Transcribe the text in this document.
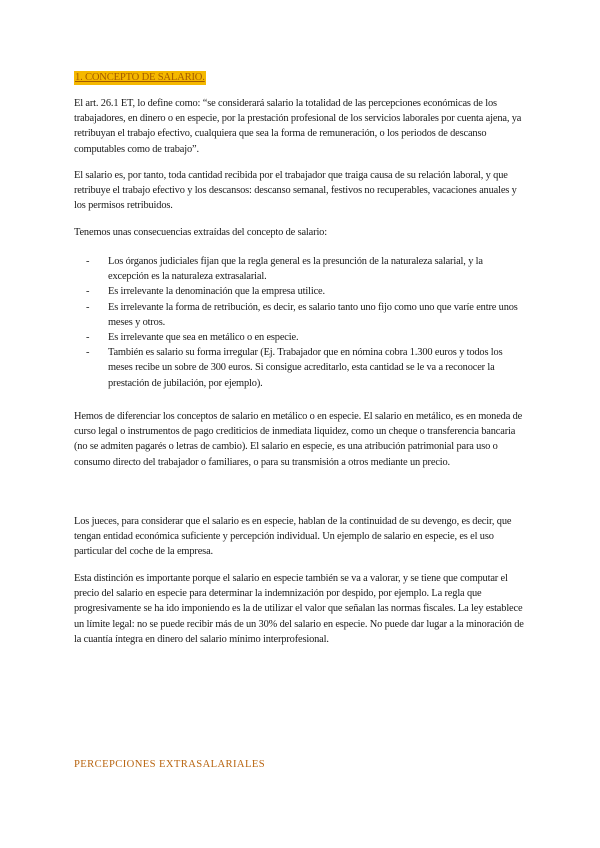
1. CONCEPTO DE SALARIO.

El art. 26.1 ET, lo define como: “se considerará salario la totalidad de las percepciones económicas de los trabajadores, en dinero o en especie, por la prestación profesional de los servicios laborales por cuenta ajena, ya retribuyan el trabajo efectivo, cualquiera que sea la forma de remuneración, o los periodos de descanso computables como de trabajo”.

El salario es, por tanto, toda cantidad recibida por el trabajador que traiga causa de su relación laboral, y que retribuye el trabajo efectivo y los descansos: descanso semanal, festivos no recuperables, vacaciones anuales y los permisos retribuidos.

Tenemos unas consecuencias extraídas del concepto de salario:

- Los órganos judiciales fijan que la regla general es la presunción de la naturaleza salarial, y la excepción es la naturaleza extrasalarial.
- Es irrelevante la denominación que la empresa utilice.
- Es irrelevante la forma de retribución, es decir, es salario tanto uno fijo como uno que varíe entre unos meses y otros.
- Es irrelevante que sea en metálico o en especie.
- También es salario su forma irregular (Ej. Trabajador que en nómina cobra 1.300 euros y todos los meses recibe un sobre de 300 euros. Si consigue acreditarlo, esta cantidad se le va a reconocer la prestación de jubilación, por ejemplo).

Hemos de diferenciar los conceptos de salario en metálico o en especie. El salario en metálico, es en moneda de curso legal o instrumentos de pago crediticios de inmediata liquidez, como un cheque o transferencia bancaria (no se admiten pagarés o letras de cambio). El salario en especie, es una atribución patrimonial para uso o consumo directo del trabajador o familiares, o para su transmisión a otros mediante un precio.

Los jueces, para considerar que el salario es en especie, hablan de la continuidad de su devengo, es decir, que tengan entidad económica suficiente y percepción individual. Un ejemplo de salario en especie, es el uso particular del coche de la empresa.

Esta distinción es importante porque el salario en especie también se va a valorar, y se tiene que computar el precio del salario en especie para determinar la indemnización por despido, por ejemplo. La regla que progresivamente se ha ido imponiendo es la de utilizar el valor que señalan las normas fiscales. La ley establece un límite legal: no se puede recibir más de un 30% del salario en especie. No puede dar lugar a la minoración de la cuantía íntegra en dinero del salario mínimo interprofesional.

PERCEPCIONES EXTRASALARIALES
